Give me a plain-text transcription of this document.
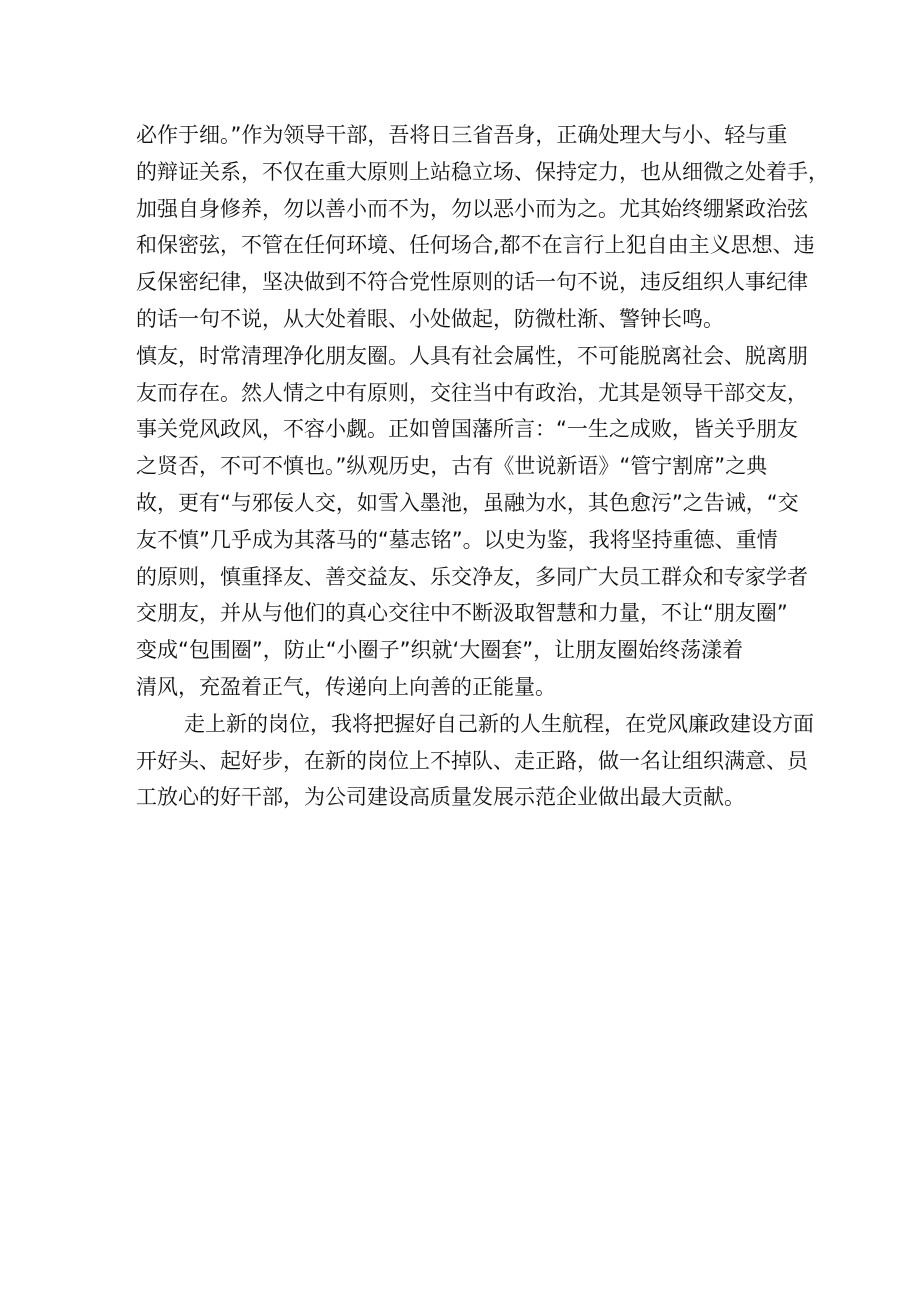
必作于细。”作为领导干部，吾将日三省吾身，正确处理大与小、轻与重
的辩证关系，不仅在重大原则上站稳立场、保持定力，也从细微之处着手，
加强自身修养，勿以善小而不为，勿以恶小而为之。尤其始终绷紧政治弦
和保密弦，不管在任何环境、任何场合,都不在言行上犯自由主义思想、违
反保密纪律，坚决做到不符合党性原则的话一句不说，违反组织人事纪律
的话一句不说，从大处着眼、小处做起，防微杜渐、警钟长鸣。
慎友，时常清理净化朋友圈。人具有社会属性，不可能脱离社会、脱离朋
友而存在。然人情之中有原则，交往当中有政治，尤其是领导干部交友，
事关党风政风，不容小觑。正如曾国藩所言：“一生之成败，皆关乎朋友
之贤否，不可不慎也。”纵观历史，古有《世说新语》“管宁割席”之典
故，更有“与邪佞人交，如雪入墨池，虽融为水，其色愈污”之告诫，“交
友不慎”几乎成为其落马的“墓志铭”。以史为鉴，我将坚持重德、重情
的原则，慎重择友、善交益友、乐交净友，多同广大员工群众和专家学者
交朋友，并从与他们的真心交往中不断汲取智慧和力量，不让“朋友圈”
变成“包围圈”，防止“小圈子”织就‘大圈套”，让朋友圈始终荡漾着
清风，充盈着正气，传递向上向善的正能量。
走上新的岗位，我将把握好自己新的人生航程，在党风廉政建设方面
开好头、起好步，在新的岗位上不掉队、走正路，做一名让组织满意、员
工放心的好干部，为公司建设高质量发展示范企业做出最大贡献。
